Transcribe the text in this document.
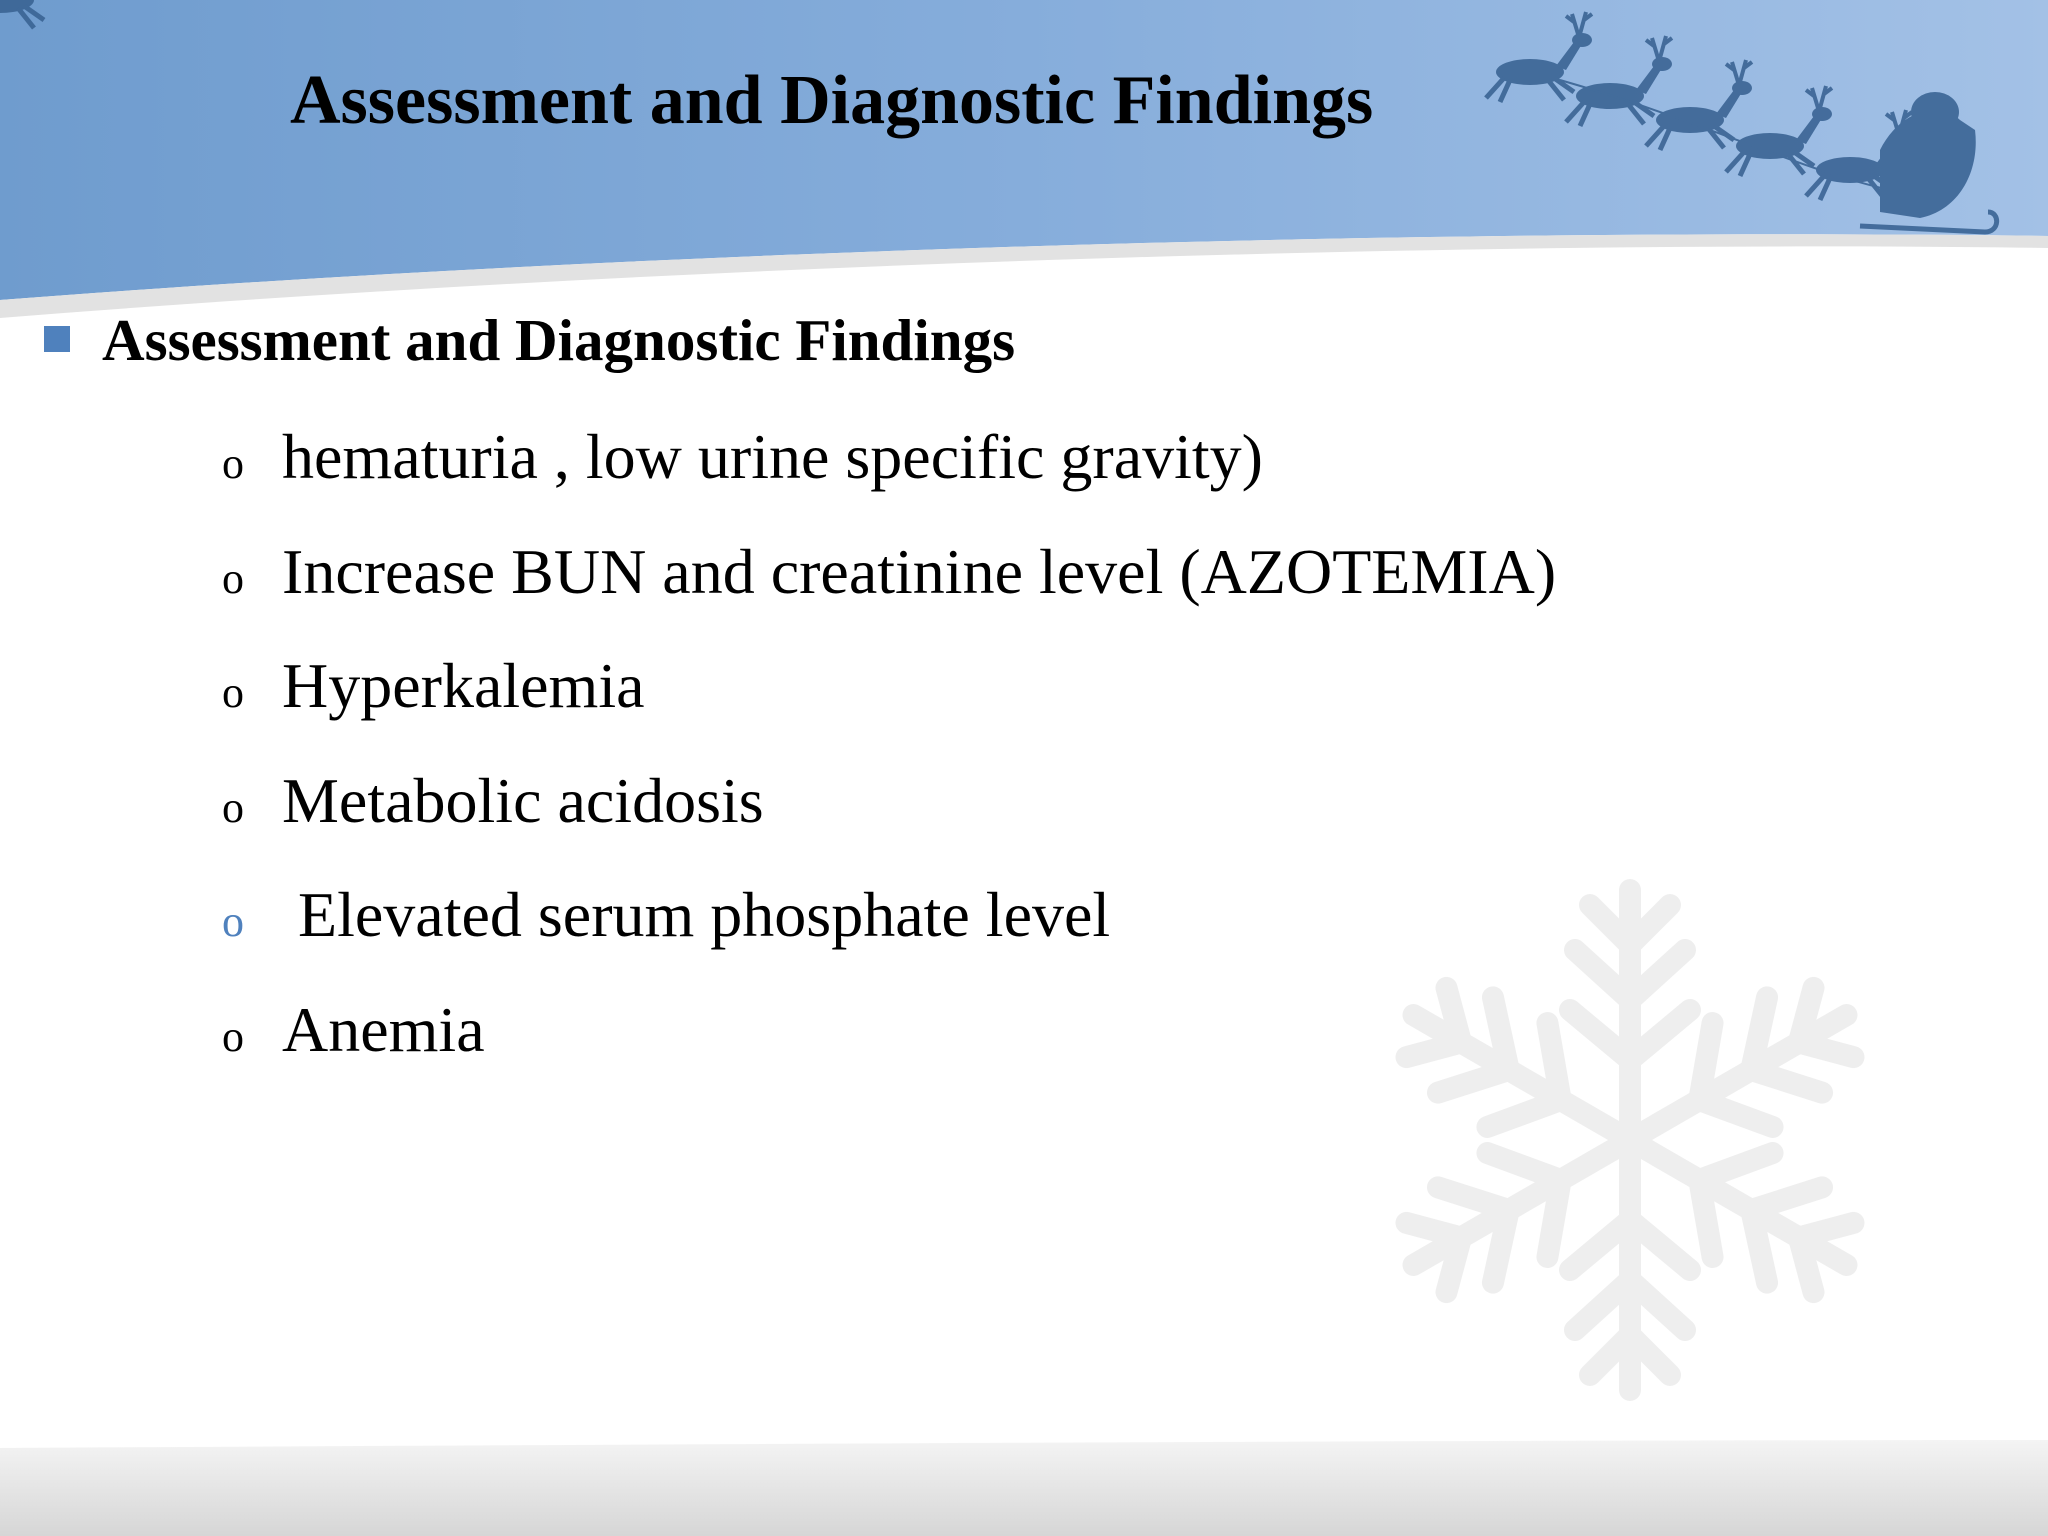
Assessment and Diagnostic Findings
Assessment and Diagnostic Findings
o hematuria , low urine specific gravity)
o Increase BUN and creatinine level (AZOTEMIA)
o Hyperkalemia
o Metabolic acidosis
o Elevated serum phosphate level
o Anemia
